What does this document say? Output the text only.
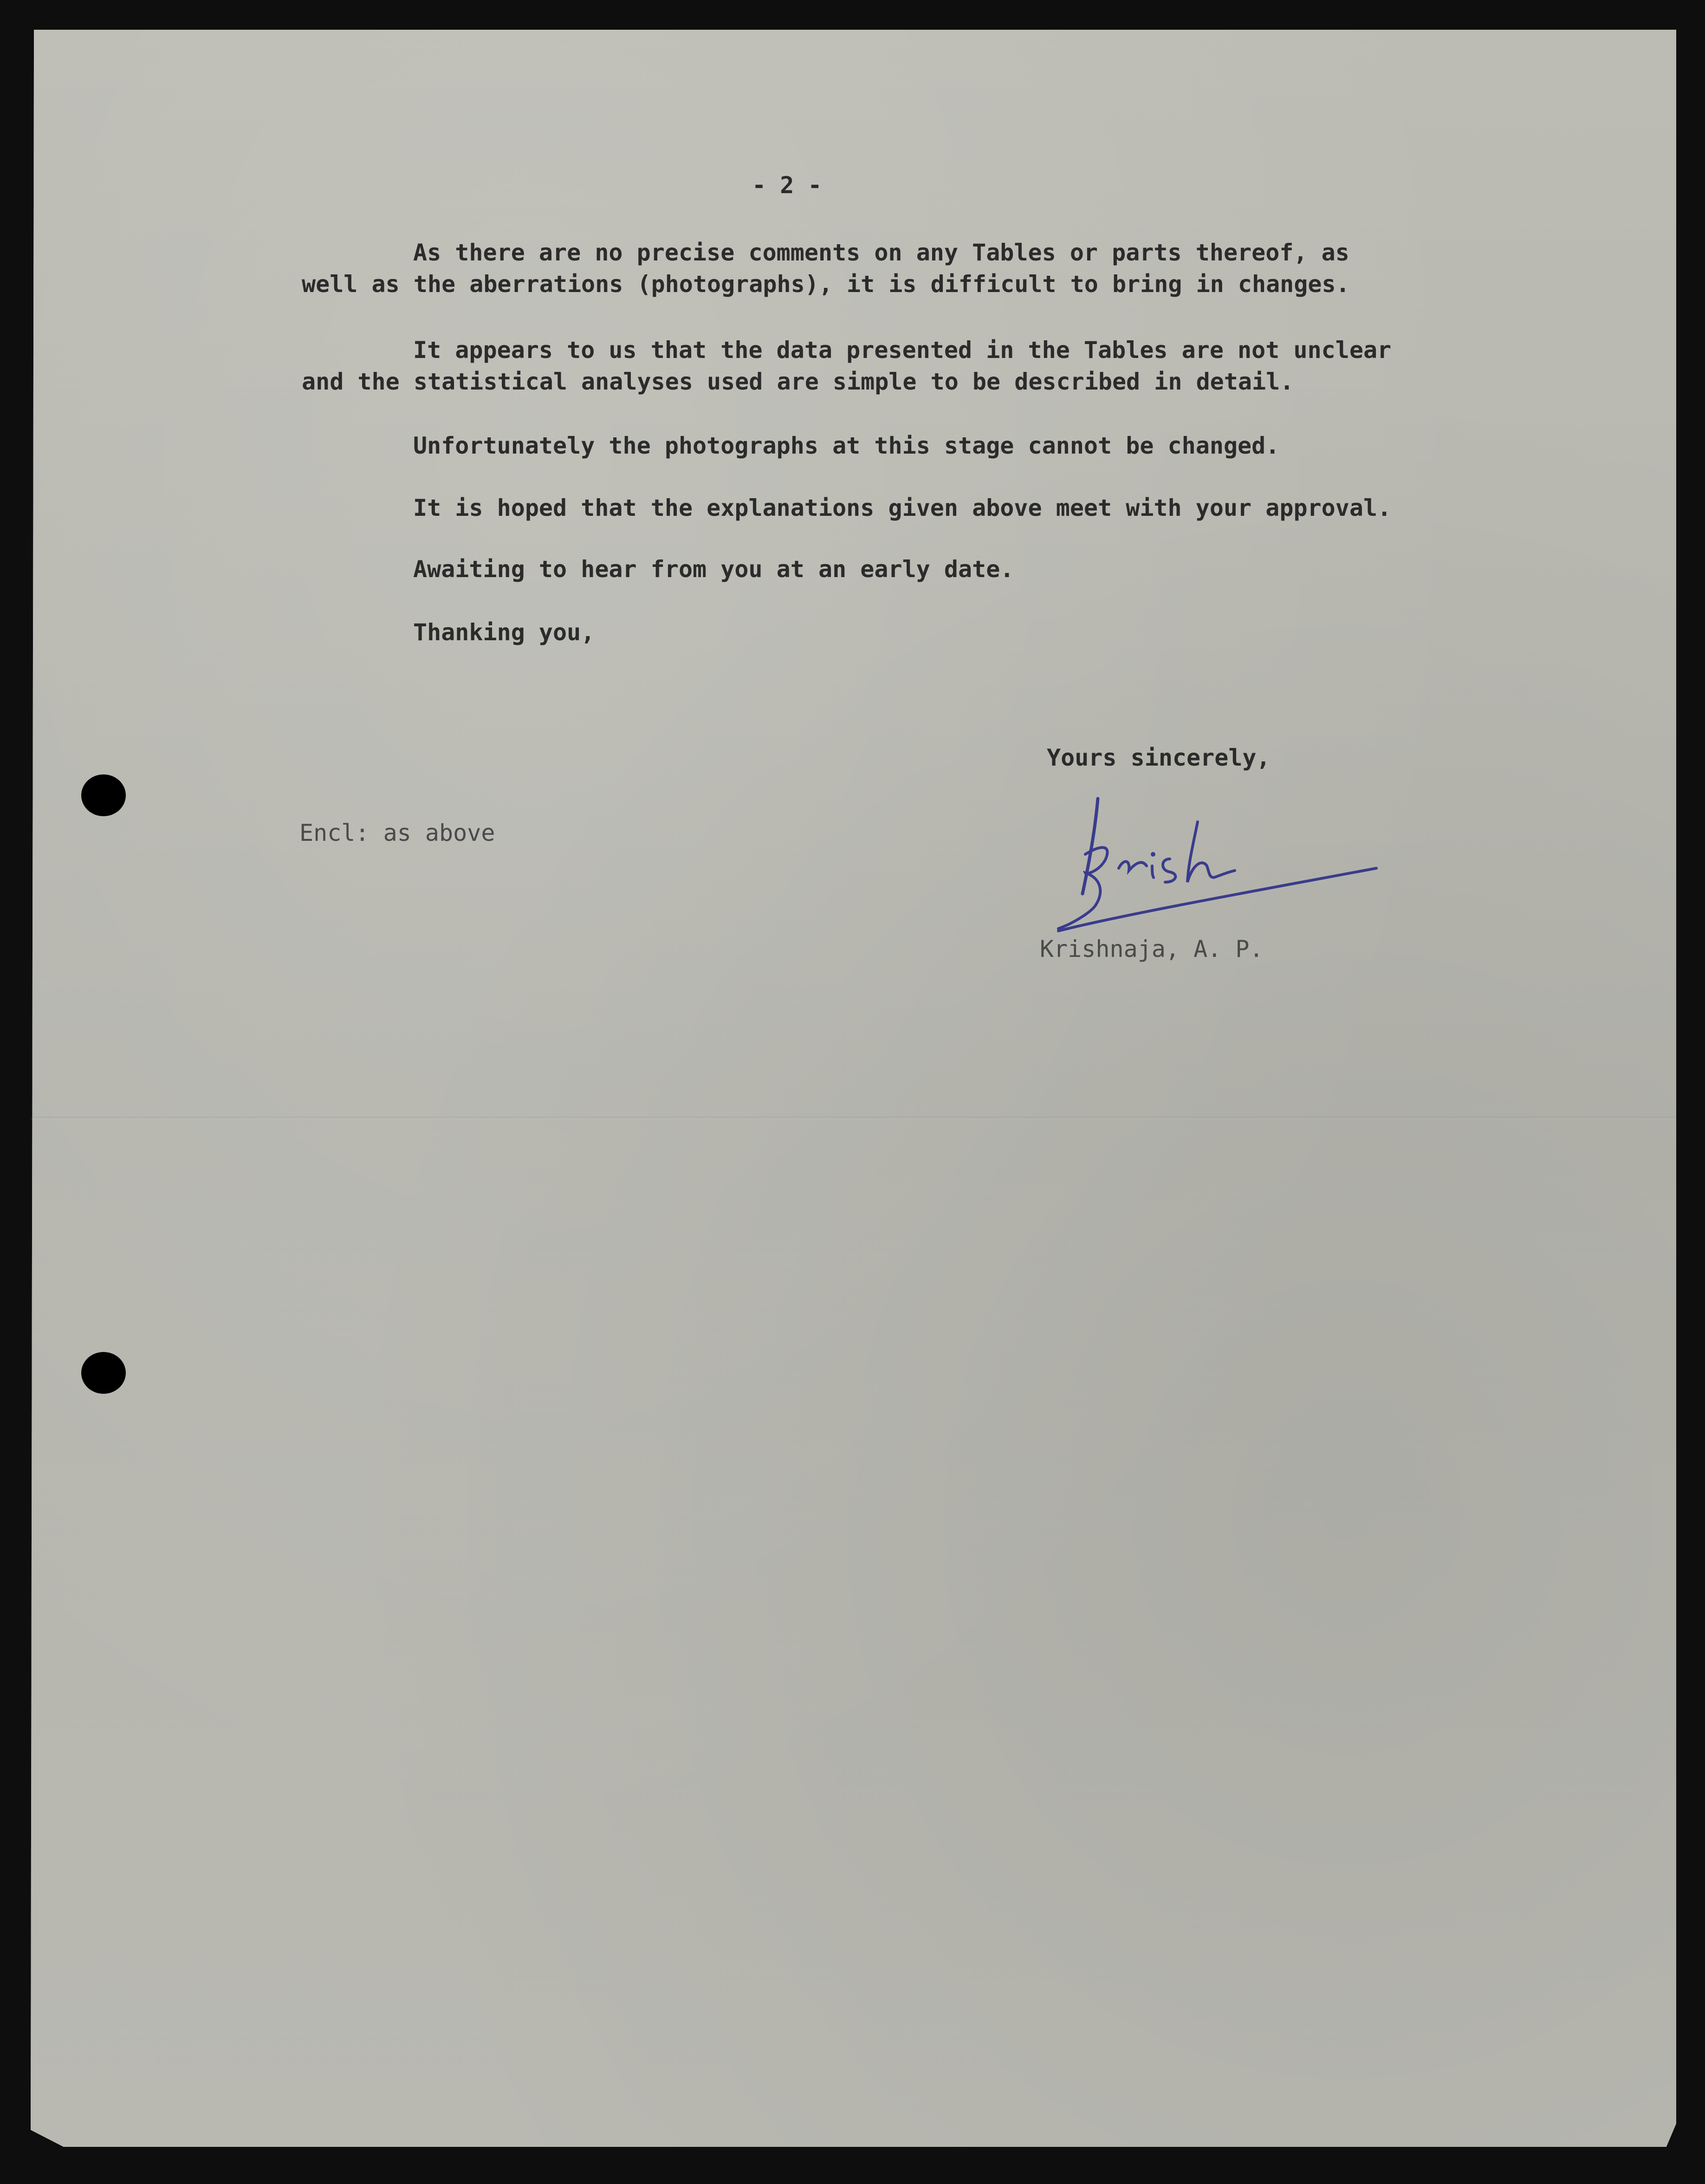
- 2 -

As there are no precise comments on any Tables or parts thereof, as

well as the aberrations (photographs), it is difficult to bring in changes.

It appears to us that the data presented in the Tables are not unclear

and the statistical analyses used are simple to be described in detail.

Unfortunately the photographs at this stage cannot be changed.

It is hoped that the explanations given above meet with your approval.

Awaiting to hear from you at an early date.

Thanking you,

Yours sincerely,

Encl: as above

Krishnaja, A. P.
